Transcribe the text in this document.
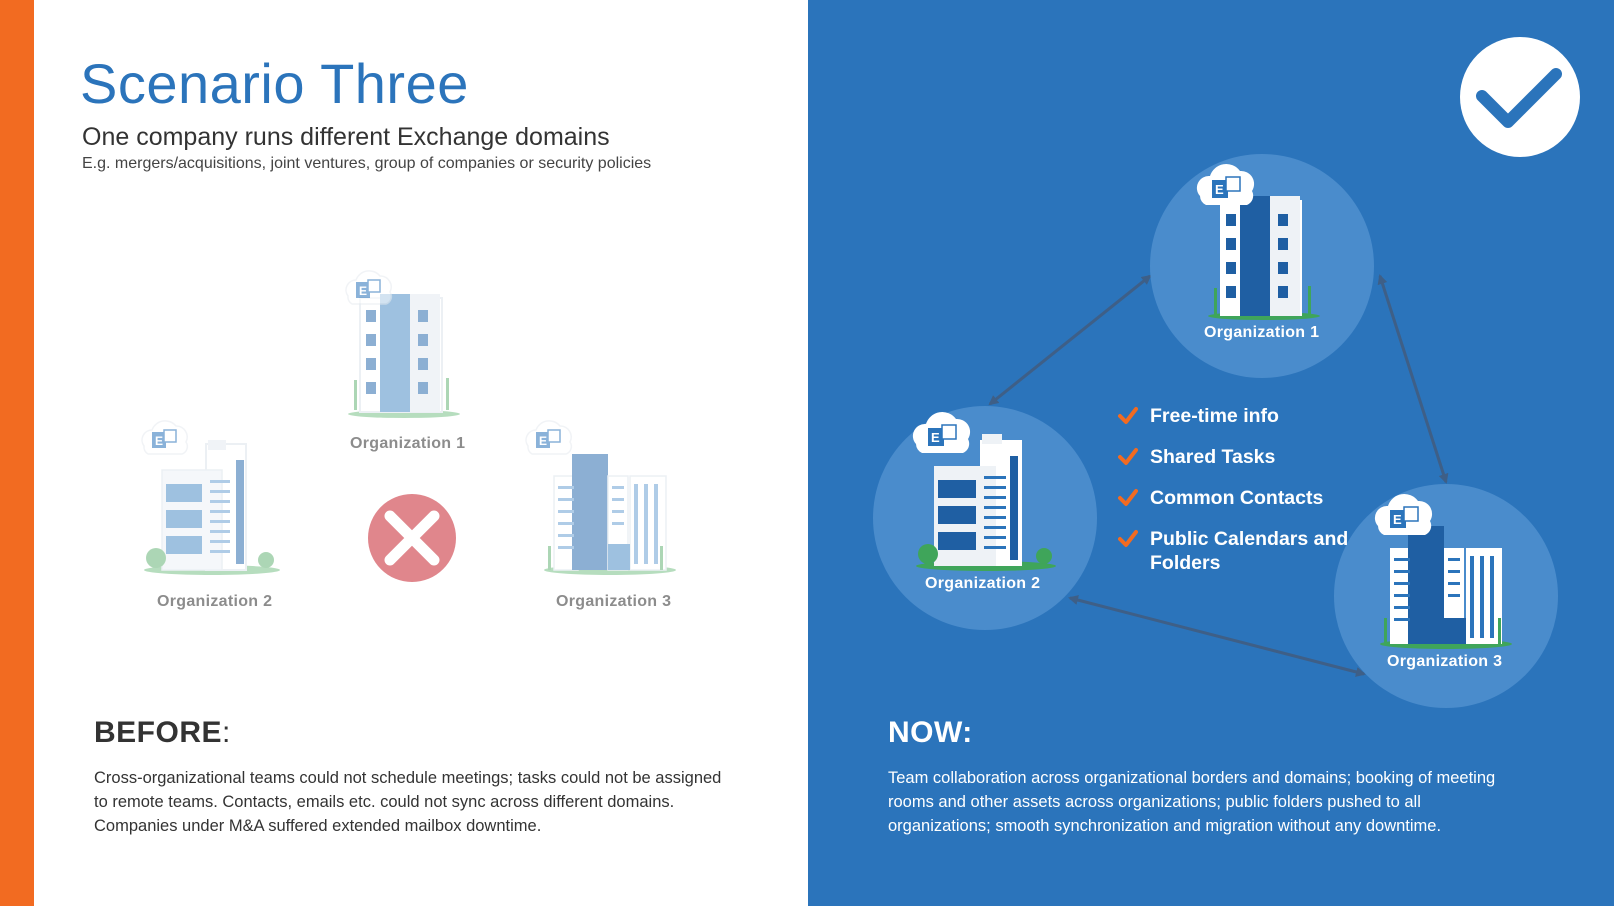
Scenario Three
One company runs different Exchange domains
E.g. mergers/acquisitions, joint ventures, group of companies or security policies
E
E	E
E
E
E
Organization 1
Organization 2	Organization 3
Organization 1
Organization 2
Organization 3
Free-time info
Shared Tasks
Common Contacts
Public Calendars and Folders
BEFORE:
Cross-organizational teams could not schedule meetings; tasks could not be assigned to remote teams. Contacts, emails etc. could not sync across different domains. Companies under M&A suffered extended mailbox downtime.
NOW:
Team collaboration across organizational borders and domains; booking of meeting rooms and other assets across organizations; public folders pushed to all organizations; smooth synchronization and migration without any downtime.
